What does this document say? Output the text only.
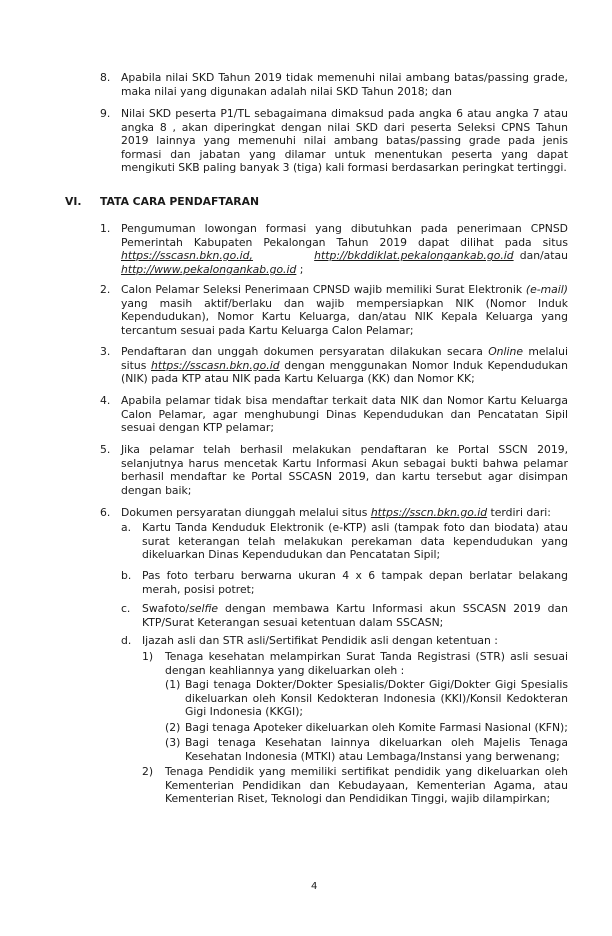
8. Apabila nilai SKD Tahun 2019 tidak memenuhi nilai ambang batas/passing grade, maka nilai yang digunakan adalah nilai SKD Tahun 2018; dan
9. Nilai SKD peserta P1/TL sebagaimana dimaksud pada angka 6 atau angka 7 atau angka 8 , akan diperingkat dengan nilai SKD dari peserta Seleksi CPNS Tahun 2019 lainnya yang memenuhi nilai ambang batas/passing grade pada jenis formasi dan jabatan yang dilamar untuk menentukan peserta yang dapat mengikuti SKB paling banyak 3 (tiga) kali formasi berdasarkan peringkat tertinggi.
VI. TATA CARA PENDAFTARAN
1. Pengumuman lowongan formasi yang dibutuhkan pada penerimaan CPNSD Pemerintah Kabupaten Pekalongan Tahun 2019 dapat dilihat pada situs https://sscasn.bkn.go.id,	http://bkddiklat.pekalongankab.go.id dan/atau http://www.pekalongankab.go.id ;
2. Calon Pelamar Seleksi Penerimaan CPNSD wajib memiliki Surat Elektronik (e-mail) yang masih aktif/berlaku dan wajib mempersiapkan NIK (Nomor Induk Kependudukan), Nomor Kartu Keluarga, dan/atau NIK Kepala Keluarga yang tercantum sesuai pada Kartu Keluarga Calon Pelamar;
3. Pendaftaran dan unggah dokumen persyaratan dilakukan secara Online melalui situs https://sscasn.bkn.go.id dengan menggunakan Nomor Induk Kependudukan (NIK) pada KTP atau NIK pada Kartu Keluarga (KK) dan Nomor KK;
4. Apabila pelamar tidak bisa mendaftar terkait data NIK dan Nomor Kartu Keluarga Calon Pelamar, agar menghubungi Dinas Kependudukan dan Pencatatan Sipil sesuai dengan KTP pelamar;
5. Jika pelamar telah berhasil melakukan pendaftaran ke Portal SSCN 2019, selanjutnya harus mencetak Kartu Informasi Akun sebagai bukti bahwa pelamar berhasil mendaftar ke Portal SSCASN 2019, dan kartu tersebut agar disimpan dengan baik;
6. Dokumen persyaratan diunggah melalui situs https://sscn.bkn.go.id terdiri dari:
a. Kartu Tanda Kenduduk Elektronik (e-KTP) asli (tampak foto dan biodata) atau surat keterangan telah melakukan perekaman data kependudukan yang dikeluarkan Dinas Kependudukan dan Pencatatan Sipil;
b. Pas foto terbaru berwarna ukuran 4 x 6 tampak depan berlatar belakang merah, posisi potret;
c. Swafoto/selfie dengan membawa Kartu Informasi akun SSCASN 2019 dan KTP/Surat Keterangan sesuai ketentuan dalam SSCASN;
d. Ijazah asli dan STR asli/Sertifikat Pendidik asli dengan ketentuan :
1) Tenaga kesehatan melampirkan Surat Tanda Registrasi (STR) asli sesuai dengan keahliannya yang dikeluarkan oleh :
(1) Bagi tenaga Dokter/Dokter Spesialis/Dokter Gigi/Dokter Gigi Spesialis dikeluarkan oleh Konsil Kedokteran Indonesia (KKI)/Konsil Kedokteran Gigi Indonesia (KKGI);
(2) Bagi tenaga Apoteker dikeluarkan oleh Komite Farmasi Nasional (KFN);
(3) Bagi tenaga Kesehatan lainnya dikeluarkan oleh Majelis Tenaga Kesehatan Indonesia (MTKI) atau Lembaga/Instansi yang berwenang;
2) Tenaga Pendidik yang memiliki sertifikat pendidik yang dikeluarkan oleh Kementerian Pendidikan dan Kebudayaan, Kementerian Agama, atau Kementerian Riset, Teknologi dan Pendidikan Tinggi, wajib dilampirkan;
4
